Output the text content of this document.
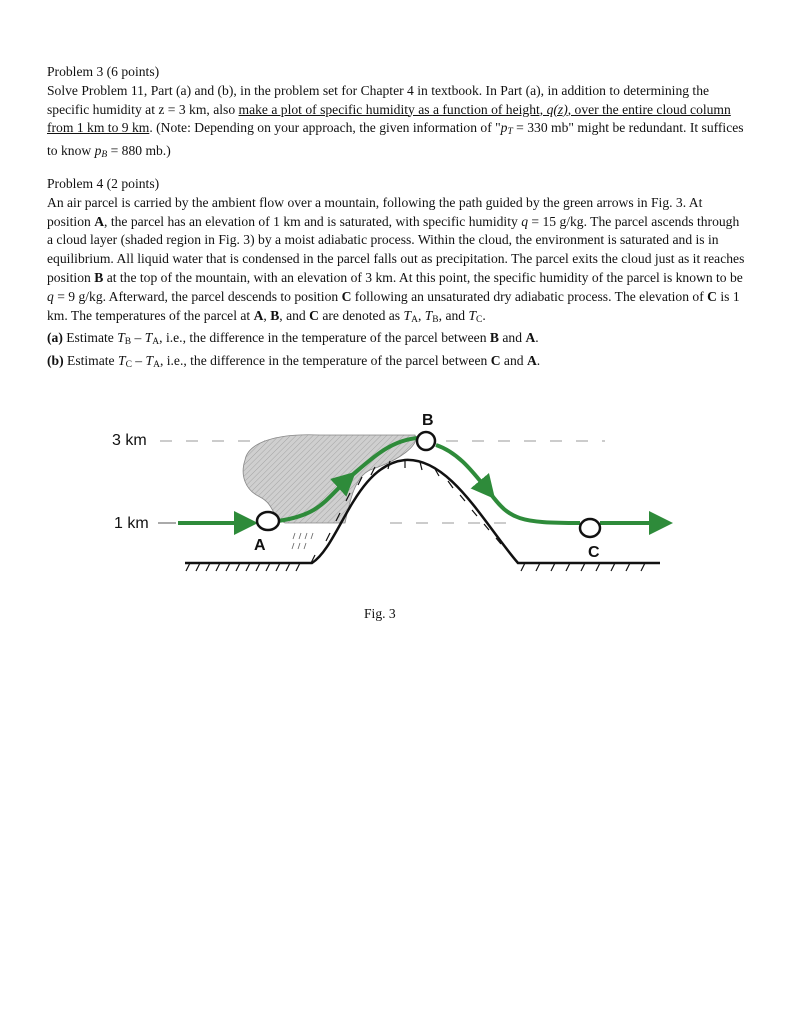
Problem 3 (6 points)

Solve Problem 11, Part (a) and (b), in the problem set for Chapter 4 in textbook. In Part (a), in addition to determining the specific humidity at z = 3 km, also make a plot of specific humidity as a function of height, q(z), over the entire cloud column from 1 km to 9 km. (Note: Depending on your approach, the given information of "$p_T = 330$ mb" might be redundant. It suffices to know $p_B = 880$ mb.)

Problem 4 (2 points)

An air parcel is carried by the ambient flow over a mountain, following the path guided by the green arrows in Fig. 3. At position A, the parcel has an elevation of 1 km and is saturated, with specific humidity q = 15 g/kg. The parcel ascends through a cloud layer (shaded region in Fig. 3) by a moist adiabatic process. Within the cloud, the environment is saturated and is in equilibrium. All liquid water that is condensed in the parcel falls out as precipitation. The parcel exits the cloud just as it reaches position B at the top of the mountain, with an elevation of 3 km. At this point, the specific humidity of the parcel is known to be q = 9 g/kg. Afterward, the parcel descends to position C following an unsaturated dry adiabatic process. The elevation of C is 1 km. The temperatures of the parcel at A, B, and C are denoted as $T_A$, $T_B$, and $T_C$.

(a) Estimate $T_B - T_A$, i.e., the difference in the temperature of the parcel between B and A.

(b) Estimate $T_C - T_A$, i.e., the difference in the temperature of the parcel between C and A.

3 km
1 km
A
B
C
Fig. 3
